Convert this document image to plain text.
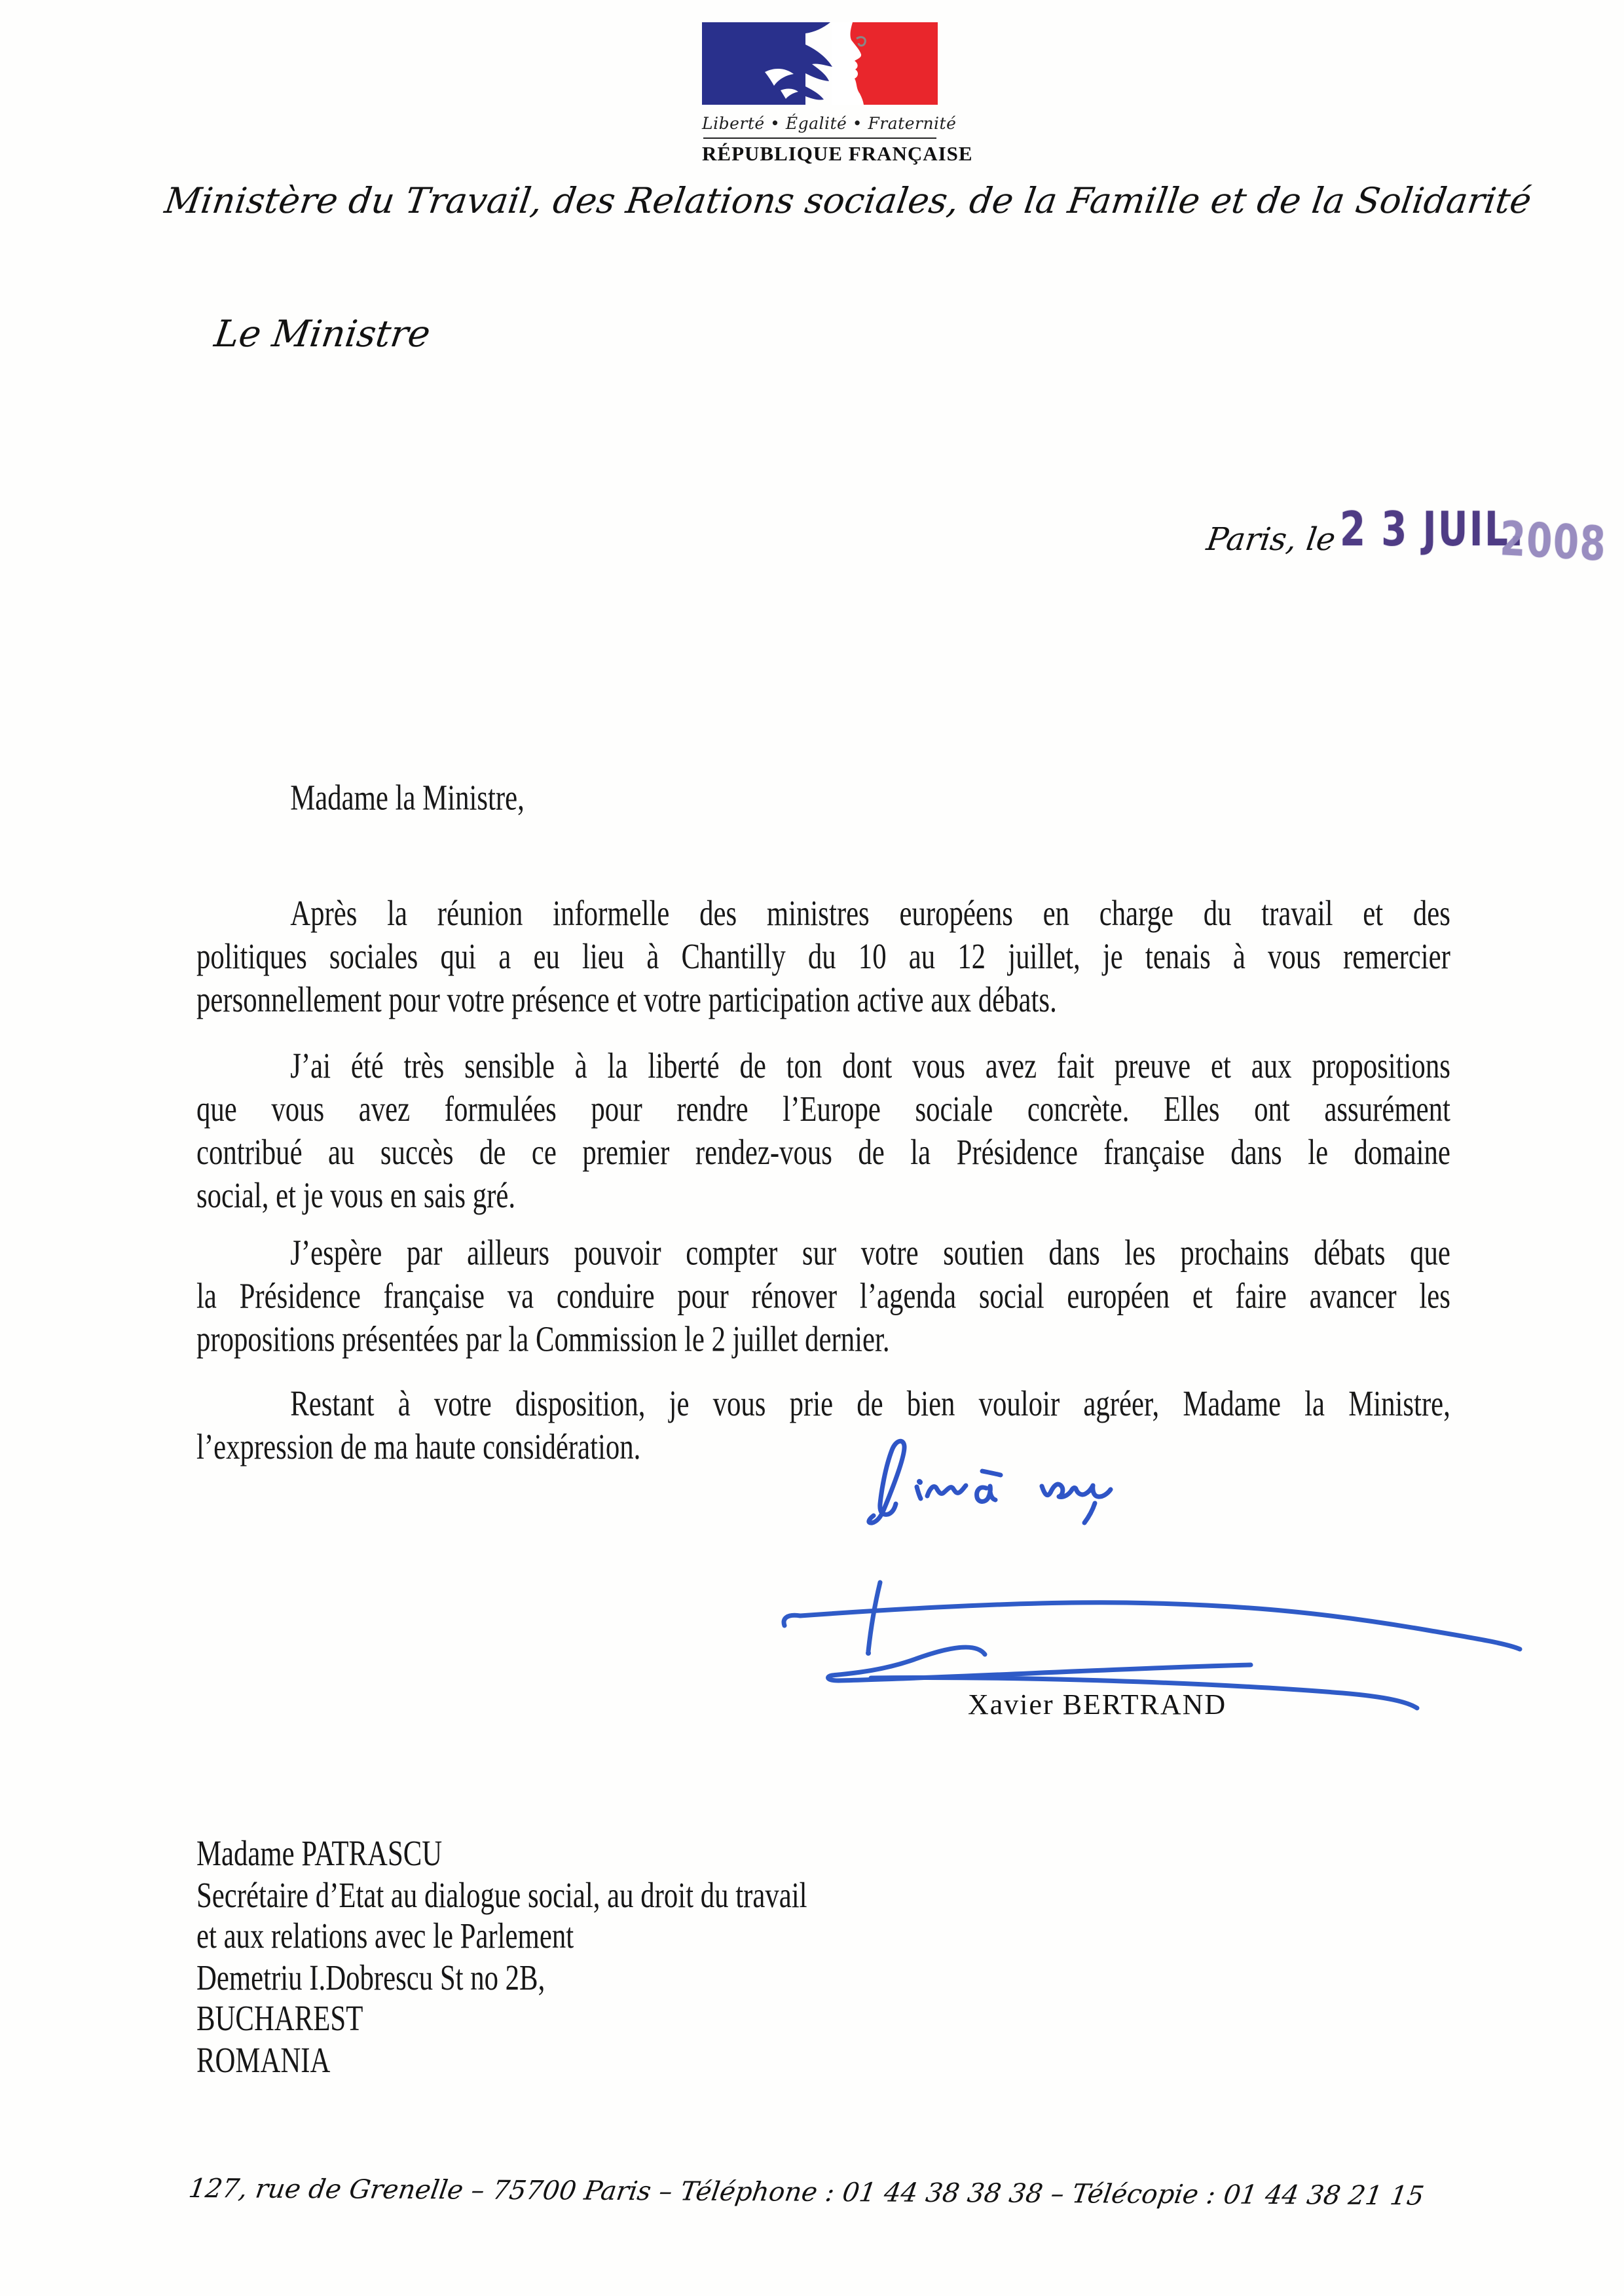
Liberté • Égalité • Fraternité
RÉPUBLIQUE FRANÇAISE
Ministère du Travail, des Relations sociales, de la Famille et de la Solidarité
Le Ministre
Paris, le 2 3 JUIL.
2008
Madame la Ministre,
Après la réunion informelle des ministres européens en charge du travail et des
politiques sociales qui a eu lieu à Chantilly du 10 au 12 juillet, je tenais à vous remercier
personnellement pour votre présence et votre participation active aux débats.
J’ai été très sensible à la liberté de ton dont vous avez fait preuve et aux propositions
que vous avez formulées pour rendre l’Europe sociale concrète. Elles ont assurément
contribué au succès de ce premier rendez-vous de la Présidence française dans le domaine
social, et je vous en sais gré.
J’espère par ailleurs pouvoir compter sur votre soutien dans les prochains débats que
la Présidence française va conduire pour rénover l’agenda social européen et faire avancer les
propositions présentées par la Commission le 2 juillet dernier.
Restant à votre disposition, je vous prie de bien vouloir agréer, Madame la Ministre,
l’expression de ma haute considération.
Xavier BERTRAND
Madame PATRASCU
Secrétaire d’Etat au dialogue social, au droit du travail
et aux relations avec le Parlement
Demetriu I.Dobrescu St no 2B,
BUCHAREST
ROMANIA
127, rue de Grenelle – 75700 Paris – Téléphone : 01 44 38 38 38 – Télécopie : 01 44 38 21 15
